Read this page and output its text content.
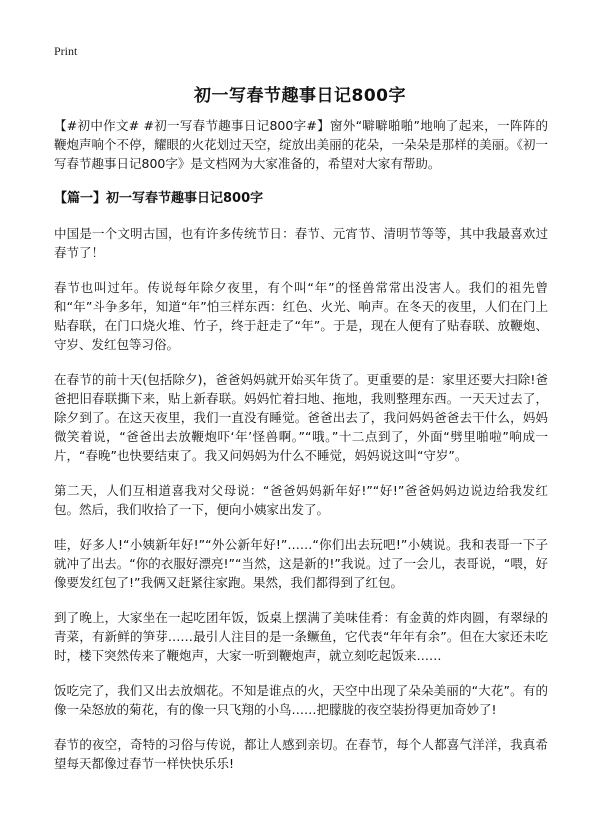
Print
初一写春节趣事日记800字

【#初中作文# #初一写春节趣事日记800字#】窗外“噼噼啪啪”地响了起来，一阵阵的鞭炮声响个不停，耀眼的火花划过天空，绽放出美丽的花朵，一朵朵是那样的美丽。《初一写春节趣事日记800字》是文档网为大家准备的，希望对大家有帮助。

【篇一】初一写春节趣事日记800字

中国是一个文明古国，也有许多传统节日：春节、元宵节、清明节等等，其中我最喜欢过春节了！

春节也叫过年。传说每年除夕夜里，有个叫“年”的怪兽常常出没害人。我们的祖先曾和“年”斗争多年，知道“年”怕三样东西：红色、火光、响声。在冬天的夜里，人们在门上贴春联，在门口烧火堆、竹子，终于赶走了“年”。于是，现在人便有了贴春联、放鞭炮、守岁、发红包等习俗。

在春节的前十天(包括除夕)，爸爸妈妈就开始买年货了。更重要的是：家里还要大扫除!爸爸把旧春联撕下来，贴上新春联。妈妈忙着扫地、拖地，我则整理东西。一天天过去了，除夕到了。在这天夜里，我们一直没有睡觉。爸爸出去了，我问妈妈爸爸去干什么，妈妈微笑着说，“爸爸出去放鞭炮吓‘年’怪兽啊。”“哦。”十二点到了，外面“劈里啪啦”响成一片，“春晚”也快要结束了。我又问妈妈为什么不睡觉，妈妈说这叫“守岁”。

第二天，人们互相道喜我对父母说：“爸爸妈妈新年好!”“好!”爸爸妈妈边说边给我发红包。然后，我们收拾了一下，便向小姨家出发了。

哇，好多人!“小姨新年好!”“外公新年好!”……“你们出去玩吧!”小姨说。我和表哥一下子就冲了出去。“你的衣服好漂亮!”“当然，这是新的!”我说。过了一会儿，表哥说，“喂，好像要发红包了!”我俩又赶紧往家跑。果然，我们都得到了红包。

到了晚上，大家坐在一起吃团年饭，饭桌上摆满了美味佳肴：有金黄的炸肉圆，有翠绿的青菜，有新鲜的笋芽……最引人注目的是一条鳜鱼，它代表“年年有余”。但在大家还未吃时，楼下突然传来了鞭炮声，大家一听到鞭炮声，就立刻吃起饭来……

饭吃完了，我们又出去放烟花。不知是谁点的火，天空中出现了朵朵美丽的“大花”。有的像一朵怒放的菊花，有的像一只飞翔的小鸟……把朦胧的夜空装扮得更加奇妙了!

春节的夜空，奇特的习俗与传说，都让人感到亲切。在春节，每个人都喜气洋洋，我真希望每天都像过春节一样快快乐乐!
